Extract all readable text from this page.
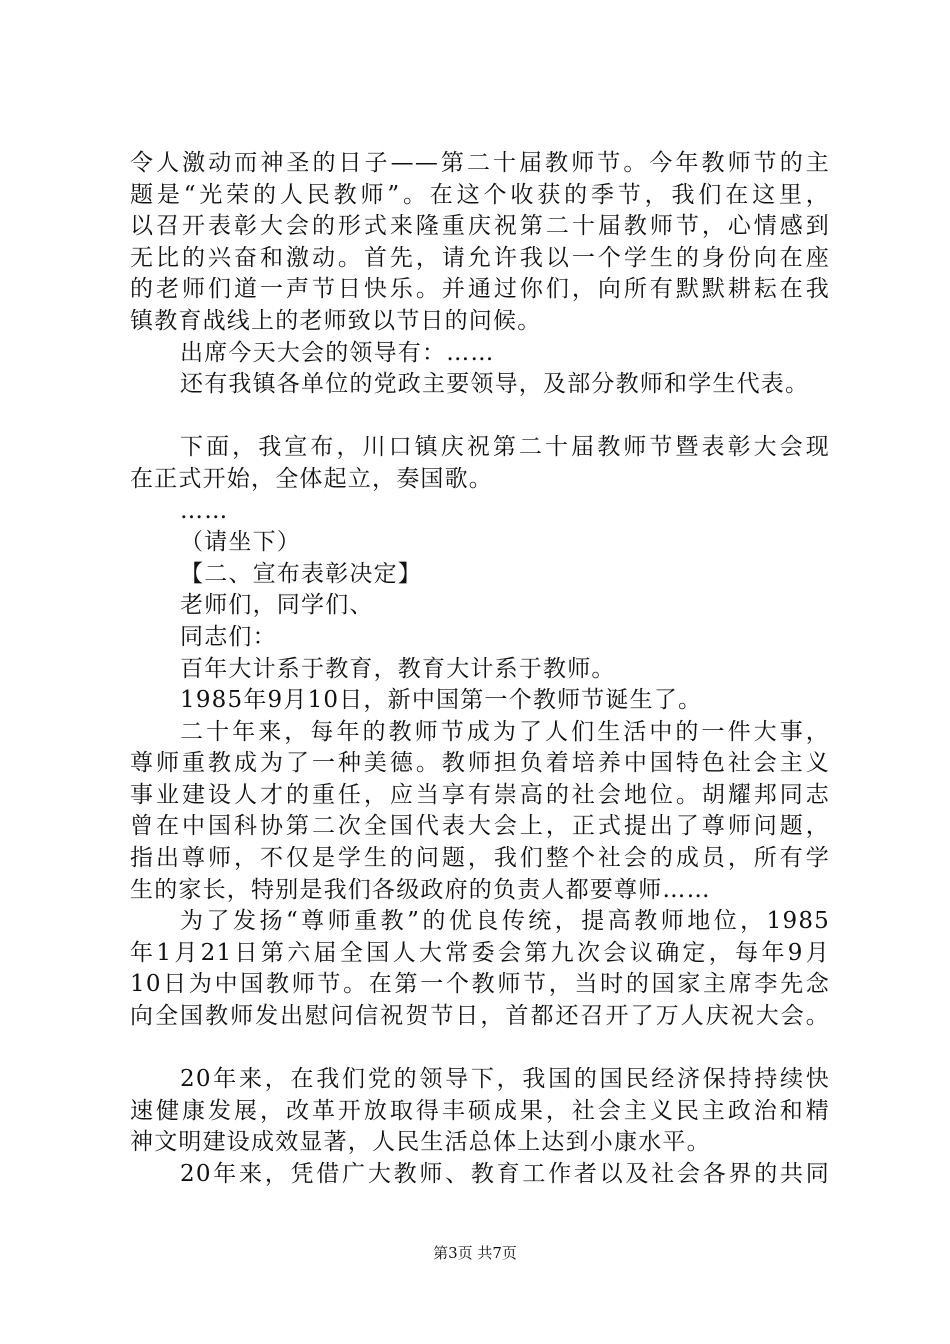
令人激动而神圣的日子——第二十届教师节。今年教师节的主
题是“光荣的人民教师”。在这个收获的季节，我们在这里，
以召开表彰大会的形式来隆重庆祝第二十届教师节，心情感到
无比的兴奋和激动。首先，请允许我以一个学生的身份向在座
的老师们道一声节日快乐。并通过你们，向所有默默耕耘在我
镇教育战线上的老师致以节日的问候。
出席今天大会的领导有：……
还有我镇各单位的党政主要领导，及部分教师和学生代表。
下面，我宣布，川口镇庆祝第二十届教师节暨表彰大会现
在正式开始，全体起立，奏国歌。
……
（请坐下）
【二、宣布表彰决定】
老师们，同学们、
同志们：
百年大计系于教育，教育大计系于教师。
1985年9月10日，新中国第一个教师节诞生了。
二十年来，每年的教师节成为了人们生活中的一件大事，
尊师重教成为了一种美德。教师担负着培养中国特色社会主义
事业建设人才的重任，应当享有崇高的社会地位。胡耀邦同志
曾在中国科协第二次全国代表大会上，正式提出了尊师问题，
指出尊师，不仅是学生的问题，我们整个社会的成员，所有学
生的家长，特别是我们各级政府的负责人都要尊师……
为了发扬“尊师重教”的优良传统，提高教师地位，1985
年1月21日第六届全国人大常委会第九次会议确定，每年9月
10日为中国教师节。在第一个教师节，当时的国家主席李先念
向全国教师发出慰问信祝贺节日，首都还召开了万人庆祝大会。
20年来，在我们党的领导下，我国的国民经济保持持续快
速健康发展，改革开放取得丰硕成果，社会主义民主政治和精
神文明建设成效显著，人民生活总体上达到小康水平。
20年来，凭借广大教师、教育工作者以及社会各界的共同
第3页 共7页
